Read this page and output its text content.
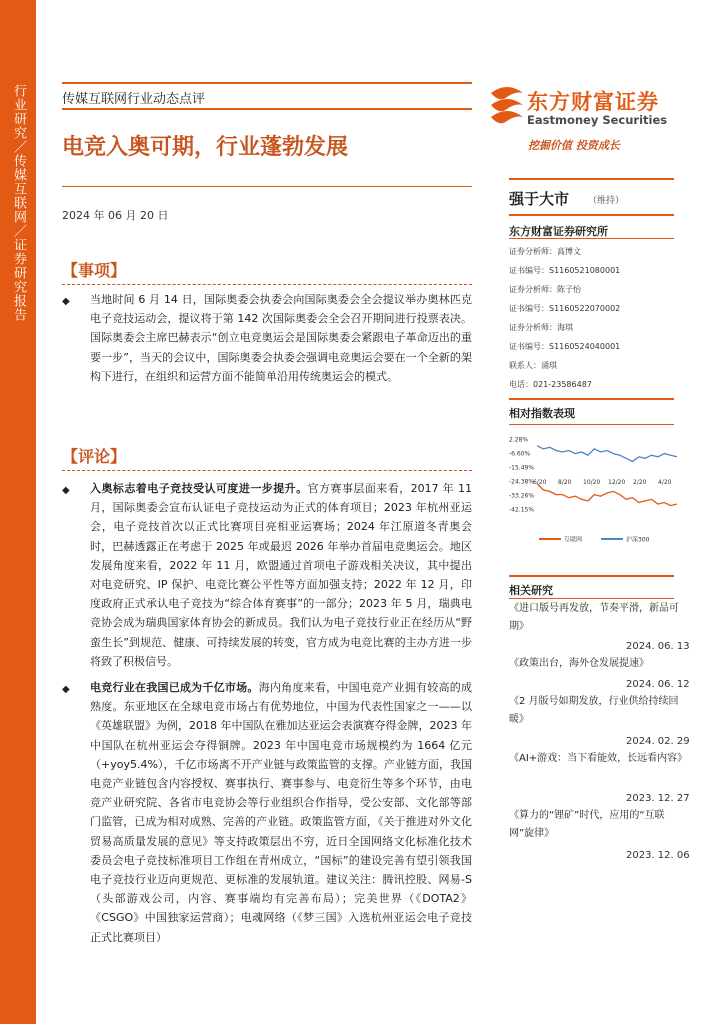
行业研究／传媒互联网／证券研究报告	传媒互联网行业动态点评
电竞入奥可期，行业蓬勃发展
2024 年 06 月 20 日
东方财富证券
Eastmoney Securities
挖掘价值 投资成长
【事项】
◆ 当地时间 6 月 14 日，国际奥委会执委会向国际奥委会全会提议举办奥林匹克电子竞技运动会，提议将于第 142 次国际奥委会全会召开期间进行投票表决。国际奥委会主席巴赫表示“创立电竞奥运会是国际奥委会紧跟电子革命迈出的重要一步”，当天的会议中，国际奥委会执委会强调电竞奥运会要在一个全新的架构下进行，在组织和运营方面不能简单沿用传统奥运会的模式。
【评论】
◆ 入奥标志着电子竞技受认可度进一步提升。官方赛事层面来看，2017 年 11 月，国际奥委会宣布认证电子竞技运动为正式的体育项目；2023 年杭州亚运会，电子竞技首次以正式比赛项目亮相亚运赛场；2024 年江原道冬青奥会时，巴赫透露正在考虑于 2025 年或最迟 2026 年举办首届电竞奥运会。地区发展角度来看，2022 年 11 月，欧盟通过首项电子游戏相关决议，其中提出对电竞研究、IP 保护、电竞比赛公平性等方面加强支持；2022 年 12 月，印度政府正式承认电子竞技为“综合体育赛事”的一部分；2023 年 5 月，瑞典电竞协会成为瑞典国家体育协会的新成员。我们认为电子竞技行业正在经历从“野蛮生长”到规范、健康、可持续发展的转变，官方成为电竞比赛的主办方进一步将致了积极信号。
◆ 电竞行业在我国已成为千亿市场。海内角度来看，中国电竞产业拥有较高的成熟度。东亚地区在全球电竞市场占有优势地位，中国为代表性国家之一——以《英雄联盟》为例，2018 年中国队在雅加达亚运会表演赛夺得金牌，2023 年中国队在杭州亚运会夺得铜牌。2023 年中国电竞市场规模约为 1664 亿元（+yoy5.4%），千亿市场离不开产业链与政策监管的支撑。产业链方面，我国电竞产业链包含内容授权、赛事执行、赛事参与、电竞衍生等多个环节，由电竞产业研究院、各省市电竞协会等行业组织合作指导，受公安部、文化部等部门监管，已成为相对成熟、完善的产业链。政策监管方面，《关于推进对外文化贸易高质量发展的意见》等支持政策层出不穷，近日全国网络文化标准化技术委员会电子竞技标准项目工作组在青州成立，“国标”的建设完善有望引领我国电子竞技行业迈向更规范、更标准的发展轨道。建议关注：腾讯控股、网易-S（头部游戏公司，内容、赛事端均有完善布局）；完美世界（《DOTA2》《CSGO》中国独家运营商）；电魂网络（《梦三国》入选杭州亚运会电子竞技正式比赛项目）
强于大市 （维持）
东方财富证券研究所
证券分析师：高博文
证书编号：S1160521080001
证券分析师：陈子怡
证书编号：S1160522070002
证券分析师：海琪
证书编号：S1160524040001
联系人：涌琪
电话：021-23586487
相对指数表现
2.28%
-6.60%
-15.49%
-24.38%
-33.26%
-42.15%
6/20 8/20 10/20 12/20 2/20 4/20
互联网	沪深300
相关研究
《进口版号再发放，节奏平滑，新品可期》
2024. 06. 13
《政策出台，海外仓发展提速》
2024. 06. 12
《2 月版号如期发放，行业供给持续回暖》
2024. 02. 29
《AI+游戏：当下看能效，长远看内容》
2023. 12. 27
《算力的“锂矿”时代，应用的“互联网”旋律》
2023. 12. 06
